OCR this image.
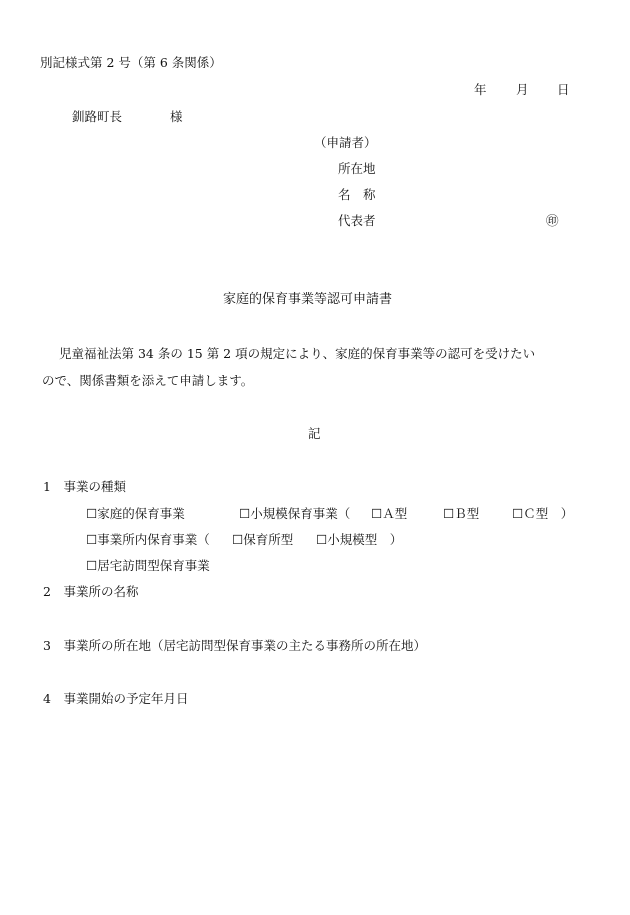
別記様式第 2 号（第 6 条関係）

年 月 日

釧路町長	様

（申請者）

所在地

名　称

代表者	㊞

家庭的保育事業等認可申請書

児童福祉法第 34 条の 15 第 2 項の規定により、家庭的保育事業等の認可を受けたい

ので、関係書類を添えて申請します。

記

1　事業の種類

☐家庭的保育事業	☐小規模保育事業（ ☐Ａ型	☐Ｂ型	☐Ｃ型　）

☐事業所内保育事業（ ☐保育所型 ☐小規模型　）

☐居宅訪問型保育事業

2　事業所の名称

3　事業所の所在地（居宅訪問型保育事業の主たる事務所の所在地）

4　事業開始の予定年月日
